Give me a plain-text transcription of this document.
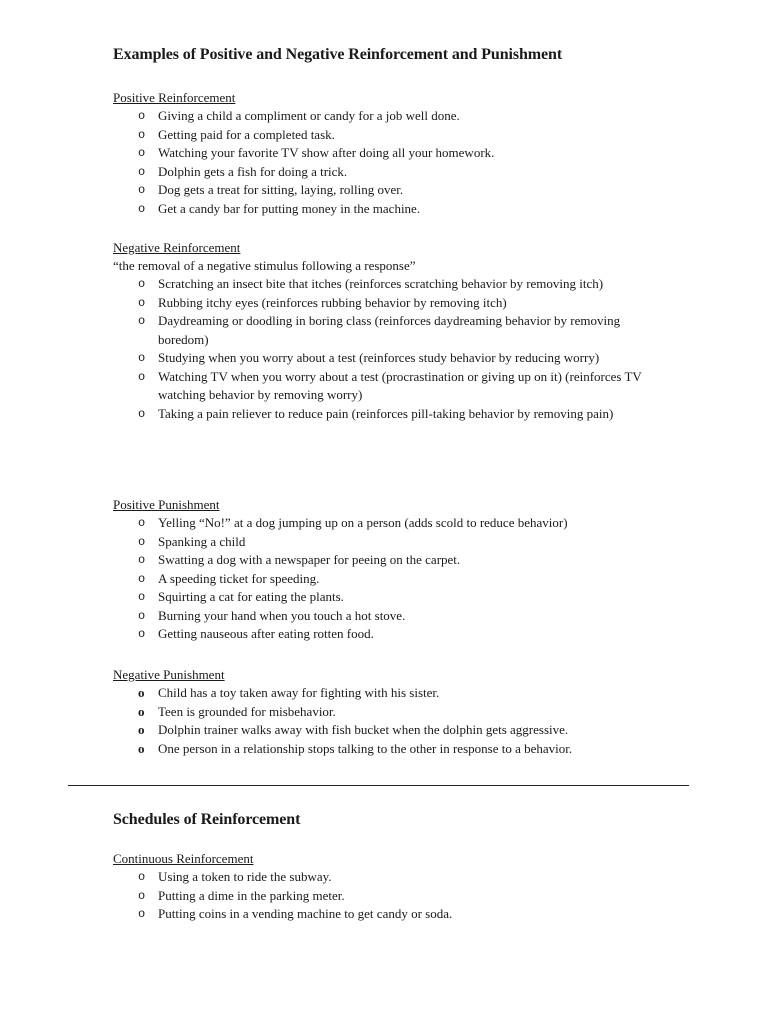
Examples of Positive and Negative Reinforcement and Punishment
Positive Reinforcement
o Giving a child a compliment or candy for a job well done.
o Getting paid for a completed task.
o Watching your favorite TV show after doing all your homework.
o Dolphin gets a fish for doing a trick.
o Dog gets a treat for sitting, laying, rolling over.
o Get a candy bar for putting money in the machine.
Negative Reinforcement
“the removal of a negative stimulus following a response”
o Scratching an insect bite that itches (reinforces scratching behavior by removing itch)
o Rubbing itchy eyes (reinforces rubbing behavior by removing itch)
o Daydreaming or doodling in boring class (reinforces daydreaming behavior by removing boredom)
o Studying when you worry about a test (reinforces study behavior by reducing worry)
o Watching TV when you worry about a test (procrastination or giving up on it) (reinforces TV watching behavior by removing worry)
o Taking a pain reliever to reduce pain (reinforces pill-taking behavior by removing pain)
Positive Punishment
o Yelling “No!” at a dog jumping up on a person (adds scold to reduce behavior)
o Spanking a child
o Swatting a dog with a newspaper for peeing on the carpet.
o A speeding ticket for speeding.
o Squirting a cat for eating the plants.
o Burning your hand when you touch a hot stove.
o Getting nauseous after eating rotten food.
Negative Punishment
o Child has a toy taken away for fighting with his sister.
o Teen is grounded for misbehavior.
o Dolphin trainer walks away with fish bucket when the dolphin gets aggressive.
o One person in a relationship stops talking to the other in response to a behavior.
Schedules of Reinforcement
Continuous Reinforcement
o Using a token to ride the subway.
o Putting a dime in the parking meter.
o Putting coins in a vending machine to get candy or soda.
